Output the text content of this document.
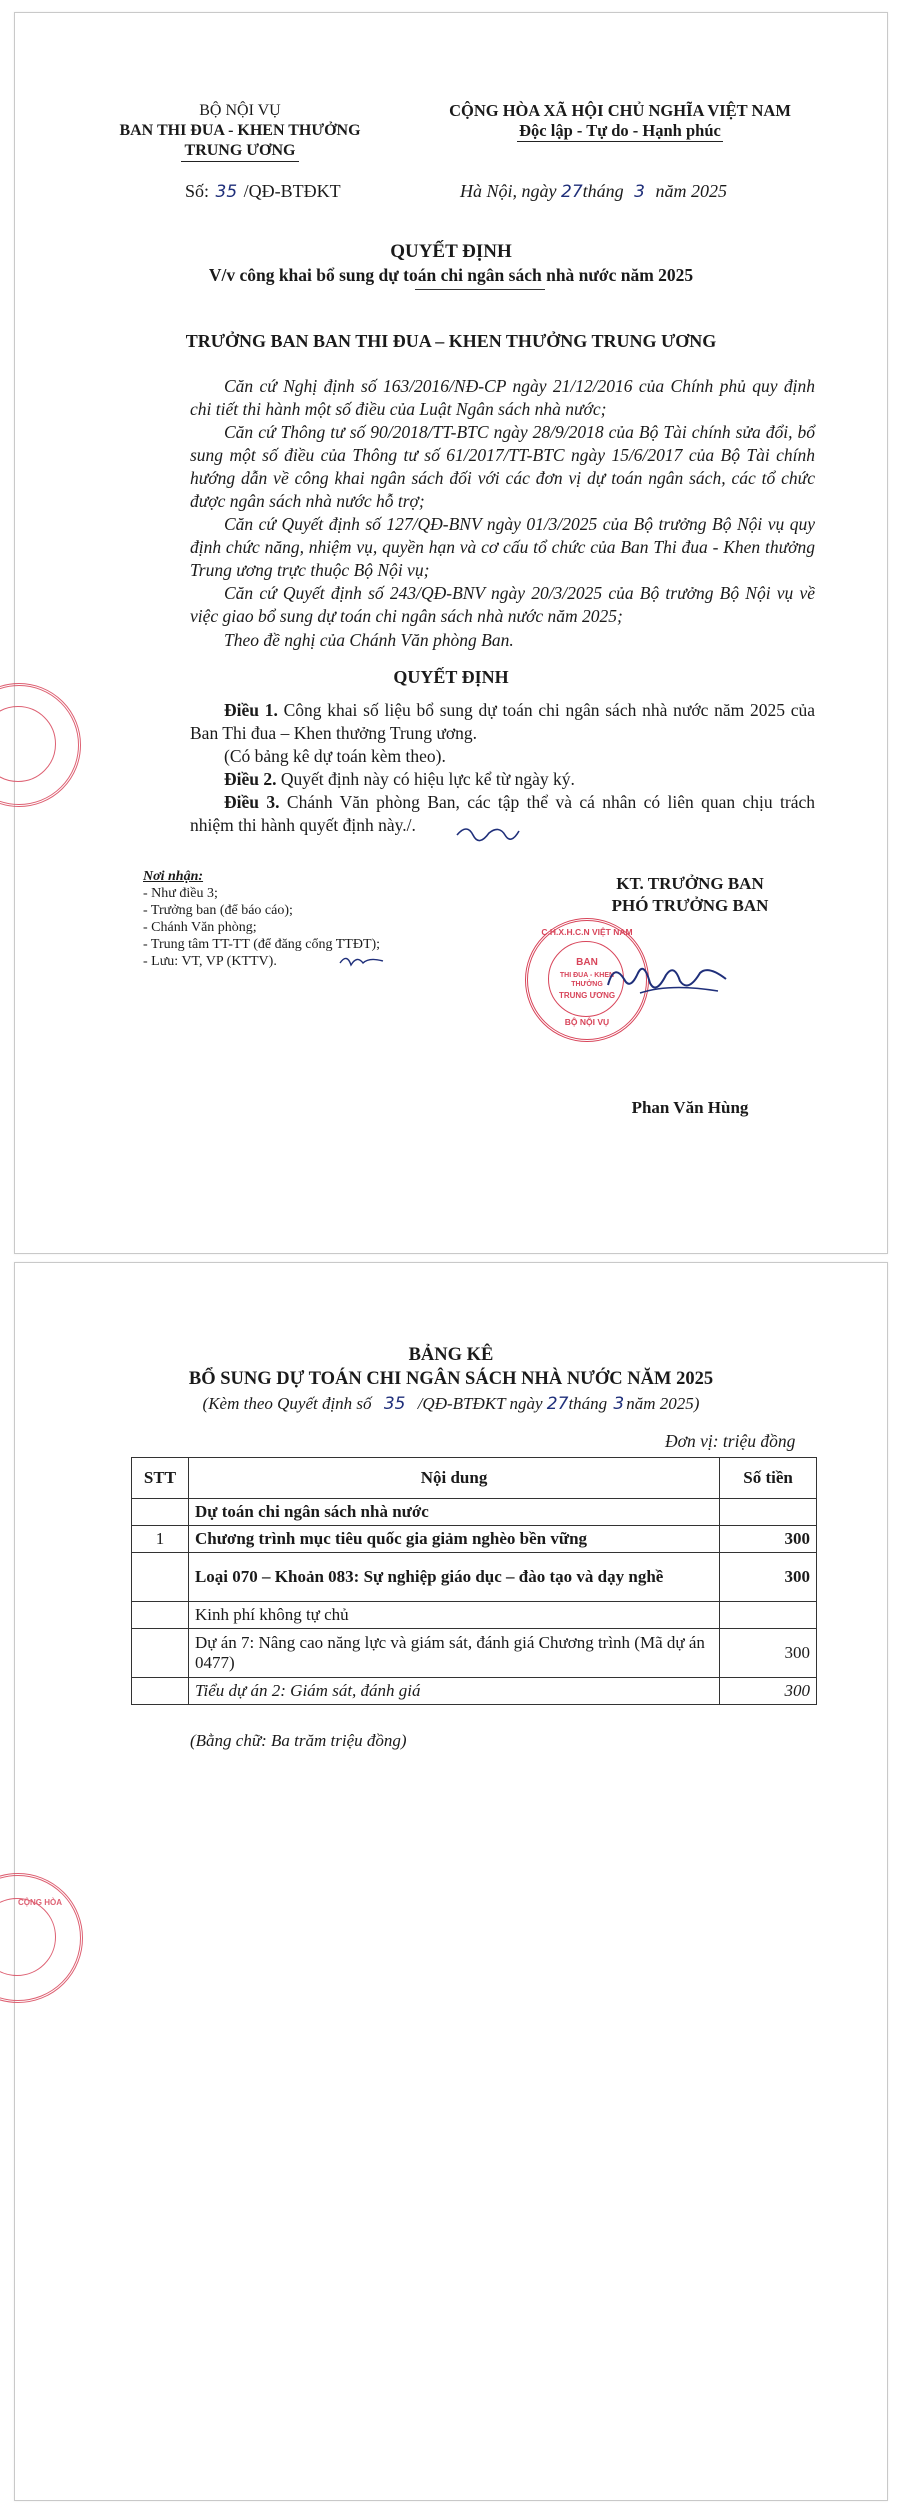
BỘ NỘI VỤ
BAN THI ĐUA - KHEN THƯỞNG
TRUNG ƯƠNG
Số: 35 /QĐ-BTĐKT
CỘNG HÒA XÃ HỘI CHỦ NGHĨA VIỆT NAM
Độc lập - Tự do - Hạnh phúc
Hà Nội, ngày 27tháng 3 năm 2025
QUYẾT ĐỊNH
V/v công khai bổ sung dự toán chi ngân sách nhà nước năm 2025
TRƯỞNG BAN BAN THI ĐUA – KHEN THƯỞNG TRUNG ƯƠNG
Căn cứ Nghị định số 163/2016/NĐ-CP ngày 21/12/2016 của Chính phủ quy định chi tiết thi hành một số điều của Luật Ngân sách nhà nước;
Căn cứ Thông tư số 90/2018/TT-BTC ngày 28/9/2018 của Bộ Tài chính sửa đổi, bổ sung một số điều của Thông tư số 61/2017/TT-BTC ngày 15/6/2017 của Bộ Tài chính hướng dẫn về công khai ngân sách đối với các đơn vị dự toán ngân sách, các tổ chức được ngân sách nhà nước hỗ trợ;
Căn cứ Quyết định số 127/QĐ-BNV ngày 01/3/2025 của Bộ trưởng Bộ Nội vụ quy định chức năng, nhiệm vụ, quyền hạn và cơ cấu tổ chức của Ban Thi đua - Khen thưởng Trung ương trực thuộc Bộ Nội vụ;
Căn cứ Quyết định số 243/QĐ-BNV ngày 20/3/2025 của Bộ trưởng Bộ Nội vụ về việc giao bổ sung dự toán chi ngân sách nhà nước năm 2025;
Theo đề nghị của Chánh Văn phòng Ban.
QUYẾT ĐỊNH
Điều 1. Công khai số liệu bổ sung dự toán chi ngân sách nhà nước năm 2025 của Ban Thi đua – Khen thưởng Trung ương.
(Có bảng kê dự toán kèm theo).
Điều 2. Quyết định này có hiệu lực kể từ ngày ký.
Điều 3. Chánh Văn phòng Ban, các tập thể và cá nhân có liên quan chịu trách nhiệm thi hành quyết định này./.
Nơi nhận:
- Như điều 3;
- Trưởng ban (để báo cáo);
- Chánh Văn phòng;
- Trung tâm TT-TT (để đăng cổng TTĐT);
- Lưu: VT, VP (KTTV).
KT. TRƯỞNG BAN
PHÓ TRƯỞNG BAN
C.H.X.H.C.N VIỆT NAM
BAN
THI ĐUA - KHEN THƯỞNG
TRUNG ƯƠNG
BỘ NỘI VỤ
Phan Văn Hùng
BẢNG KÊ
BỔ SUNG DỰ TOÁN CHI NGÂN SÁCH NHÀ NƯỚC NĂM 2025
(Kèm theo Quyết định số 35 /QĐ-BTĐKT ngày 27tháng 3 năm 2025)
Đơn vị: triệu đồng
STT	Nội dung	Số tiền
	Dự toán chi ngân sách nhà nước	
1	Chương trình mục tiêu quốc gia giảm nghèo bền vững	300
	Loại 070 – Khoản 083: Sự nghiệp giáo dục – đào tạo và dạy nghề	300
	Kinh phí không tự chủ	
	Dự án 7: Nâng cao năng lực và giám sát, đánh giá Chương trình (Mã dự án 0477)	300
	Tiểu dự án 2: Giám sát, đánh giá	300
(Bằng chữ: Ba trăm triệu đồng)
CỘNG HÒA
